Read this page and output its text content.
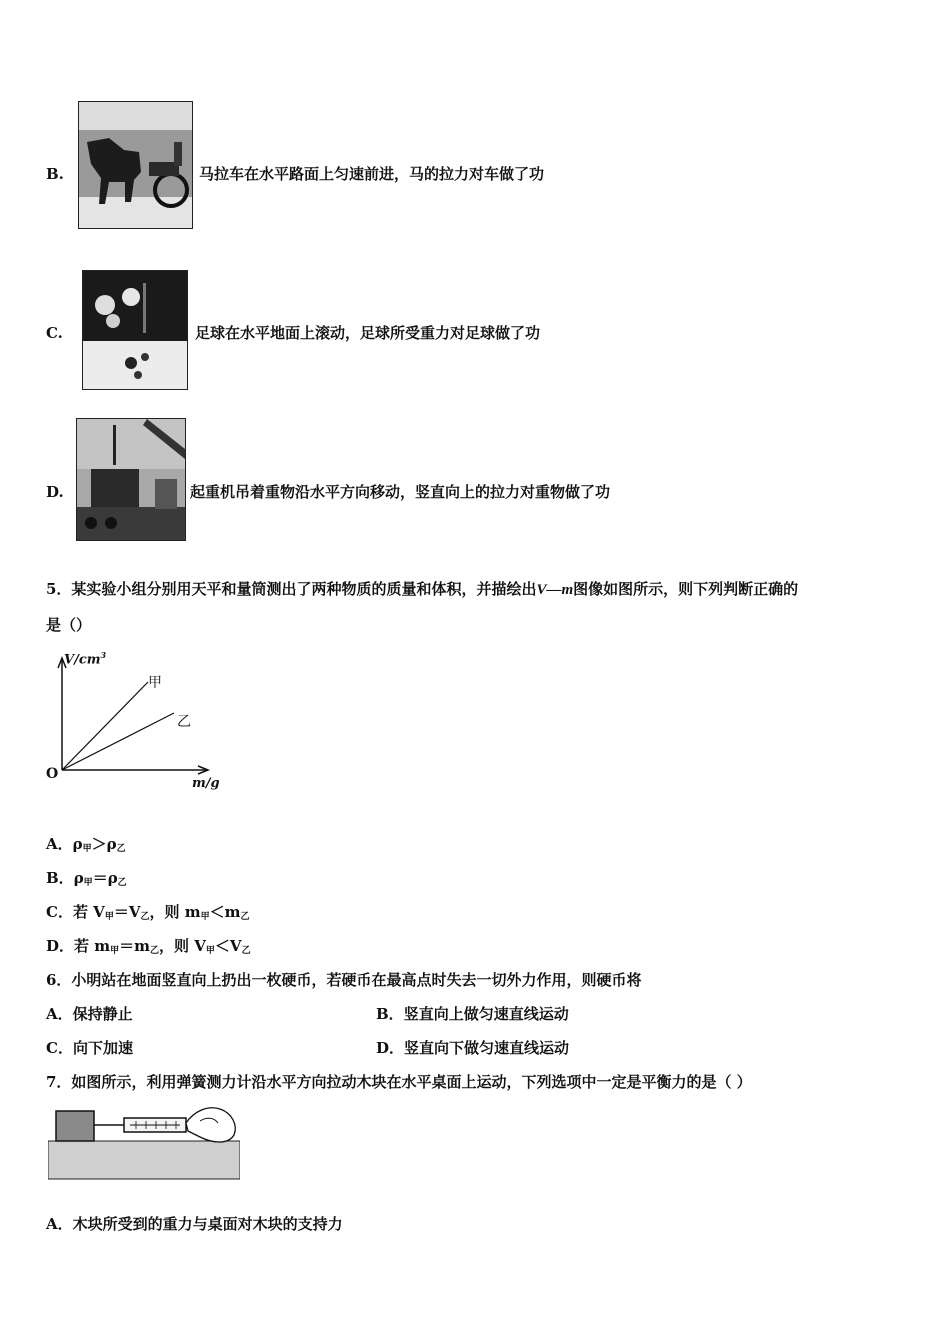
B.	马拉车在水平路面上匀速前进，马的拉力对车做了功
C.	足球在水平地面上滚动，足球所受重力对足球做了功
D.	起重机吊着重物沿水平方向移动，竖直向上的拉力对重物做了功
5．某实验小组分别用天平和量筒测出了两种物质的质量和体积，并描绘出V—m图像如图所示，则下列判断正确的
是（）
$V/cm^3$
甲
乙
O
m/g
A．$\rho_甲>\rho_乙$
B．$\rho_甲=\rho_乙$
C．若 $V_甲=V_乙$，则 $m_甲<m_乙$
D．若 $m_甲=m_乙$，则 $V_甲<V_乙$
6．小明站在地面竖直向上扔出一枚硬币，若硬币在最高点时失去一切外力作用，则硬币将
A．保持静止	B．竖直向上做匀速直线运动
C．向下加速	D．竖直向下做匀速直线运动
7．如图所示，利用弹簧测力计沿水平方向拉动木块在水平桌面上运动，下列选项中一定是平衡力的是（ ）
A．木块所受到的重力与桌面对木块的支持力
